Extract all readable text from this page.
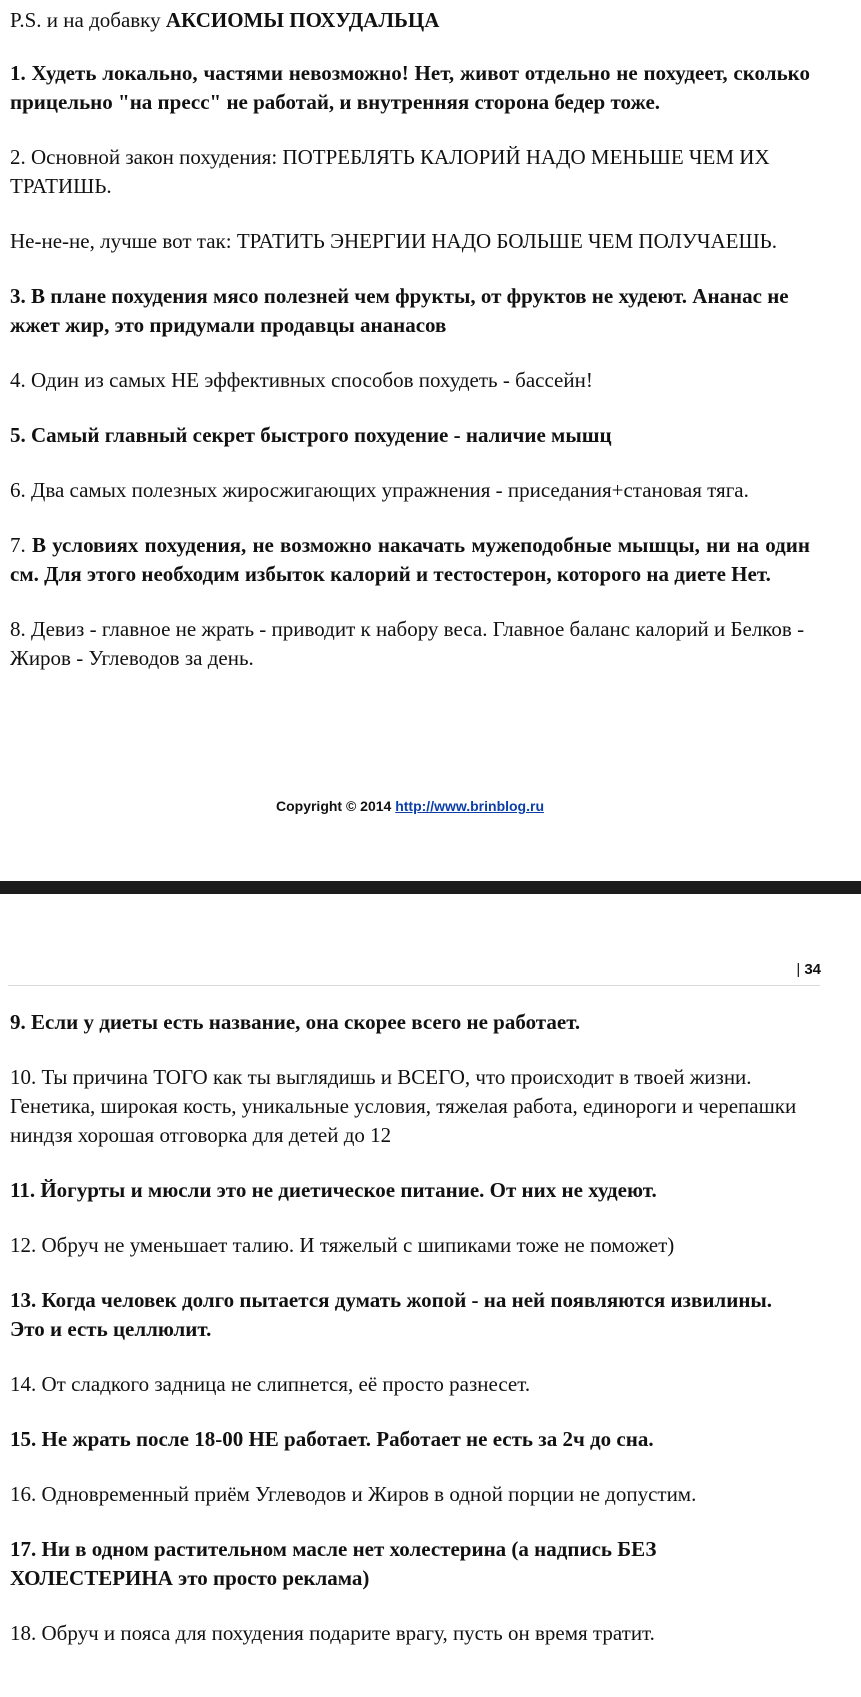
P.S. и на добавку АКСИОМЫ ПОХУДАЛЬЦА

1. Худеть локально, частями невозможно! Нет, живот отдельно не похудеет, сколько прицельно "на пресс" не работай, и внутренняя сторона бедер тоже.

2. Основной закон похудения: ПОТРЕБЛЯТЬ КАЛОРИЙ НАДО МЕНЬШЕ ЧЕМ ИХ ТРАТИШЬ.

Не-не-не, лучше вот так: ТРАТИТЬ ЭНЕРГИИ НАДО БОЛЬШЕ ЧЕМ ПОЛУЧАЕШЬ.

3. В плане похудения мясо полезней чем фрукты, от фруктов не худеют. Ананас не жжет жир, это придумали продавцы ананасов

4. Один из самых НЕ эффективных способов похудеть - бассейн!

5. Самый главный секрет быстрого похудение - наличие мышц

6. Два самых полезных жиросжигающих упражнения - приседания+становая тяга.

7. В условиях похудения, не возможно накачать мужеподобные мышцы, ни на один см. Для этого необходим избыток калорий и тестостерон, которого на диете Нет.

8. Девиз - главное не жрать - приводит к набору веса. Главное баланс калорий и Белков - Жиров - Углеводов за день.

Copyright © 2014 http://www.brinblog.ru
| 34

9. Если у диеты есть название, она скорее всего не работает.

10. Ты причина ТОГО как ты выглядишь и ВСЕГО, что происходит в твоей жизни. Генетика, широкая кость, уникальные условия, тяжелая работа, единороги и черепашки ниндзя хорошая отговорка для детей до 12

11. Йогурты и мюсли это не диетическое питание. От них не худеют.

12. Обруч не уменьшает талию. И тяжелый с шипиками тоже не поможет)

13. Когда человек долго пытается думать жопой - на ней появляются извилины. Это и есть целлюлит.

14. От сладкого задница не слипнется, её просто разнесет.

15. Не жрать после 18-00 НЕ работает. Работает не есть за 2ч до сна.

16. Одновременный приём Углеводов и Жиров в одной порции не допустим.

17. Ни в одном растительном масле нет холестерина (а надпись БЕЗ ХОЛЕСТЕРИНА это просто реклама)

18. Обруч и пояса для похудения подарите врагу, пусть он время тратит.
